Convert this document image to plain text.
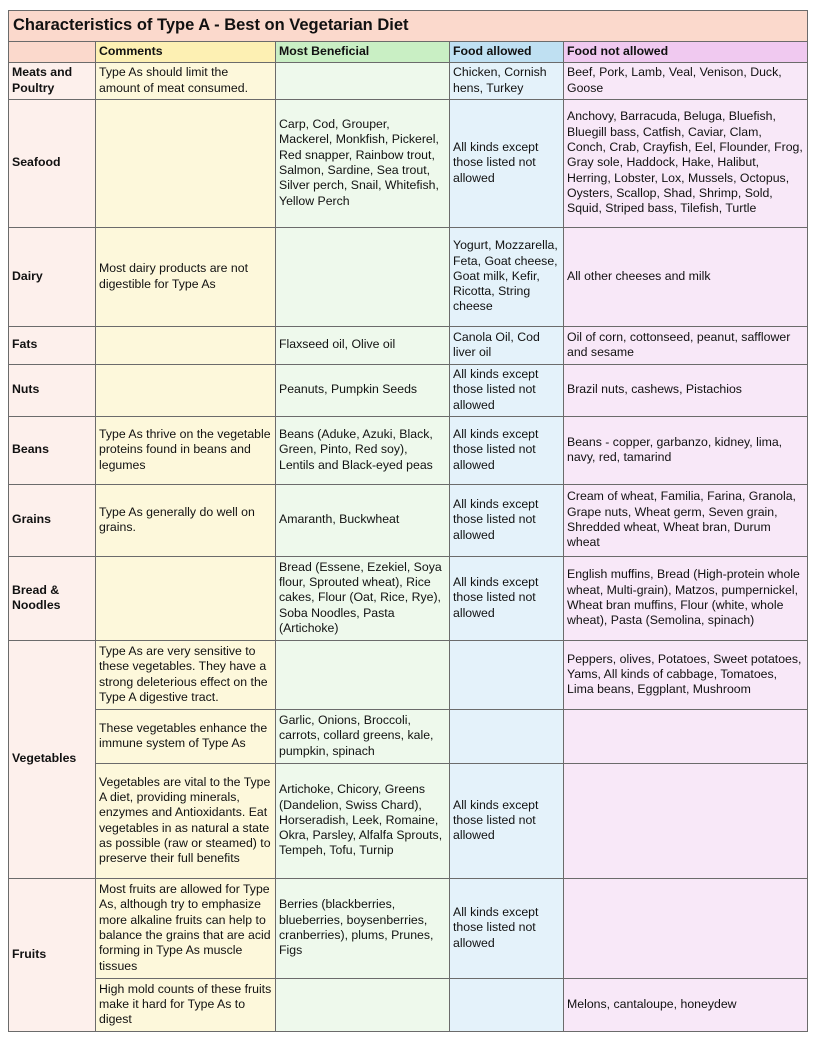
Characteristics of Type A - Best on Vegetarian Diet				
	Comments	Most Beneficial	Food allowed	Food not allowed
Meats and Poultry	Type As should limit the amount of meat consumed.		Chicken, Cornish hens, Turkey	Beef, Pork, Lamb, Veal, Venison, Duck, Goose
Seafood		Carp, Cod, Grouper, Mackerel, Monkfish, Pickerel, Red snapper, Rainbow trout, Salmon, Sardine, Sea trout, Silver perch, Snail, Whitefish, Yellow Perch	All kinds except those listed not allowed	Anchovy, Barracuda, Beluga, Bluefish, Bluegill bass, Catfish, Caviar, Clam, Conch, Crab, Crayfish, Eel, Flounder, Frog, Gray sole, Haddock, Hake, Halibut, Herring, Lobster, Lox, Mussels, Octopus, Oysters, Scallop, Shad, Shrimp, Sold, Squid, Striped bass, Tilefish, Turtle
Dairy	Most dairy products are not digestible for Type As		Yogurt, Mozzarella, Feta, Goat cheese, Goat milk, Kefir, Ricotta, String cheese	All other cheeses and milk
Fats		Flaxseed oil, Olive oil	Canola Oil, Cod liver oil	Oil of corn, cottonseed, peanut, safflower and sesame
Nuts		Peanuts, Pumpkin Seeds	All kinds except those listed not allowed	Brazil nuts, cashews, Pistachios
Beans	Type As thrive on the vegetable proteins found in beans and legumes	Beans (Aduke, Azuki, Black, Green, Pinto, Red soy), Lentils and Black-eyed peas	All kinds except those listed not allowed	Beans - copper, garbanzo, kidney, lima, navy, red, tamarind
Grains	Type As generally do well on grains.	Amaranth, Buckwheat	All kinds except those listed not allowed	Cream of wheat, Familia, Farina, Granola, Grape nuts, Wheat germ, Seven grain, Shredded wheat, Wheat bran, Durum wheat
Bread & Noodles		Bread (Essene, Ezekiel, Soya flour, Sprouted wheat), Rice cakes, Flour (Oat, Rice, Rye), Soba Noodles, Pasta (Artichoke)	All kinds except those listed not allowed	English muffins, Bread (High-protein whole wheat, Multi-grain), Matzos, pumpernickel, Wheat bran muffins, Flour (white, whole wheat), Pasta (Semolina, spinach)
Vegetables	Type As are very sensitive to these vegetables. They have a strong deleterious effect on the Type A digestive tract.			Peppers, olives, Potatoes, Sweet potatoes, Yams, All kinds of cabbage, Tomatoes, Lima beans, Eggplant, Mushroom
	These vegetables enhance the immune system of Type As	Garlic, Onions, Broccoli, carrots, collard greens, kale, pumpkin, spinach		
	Vegetables are vital to the Type A diet, providing minerals, enzymes and Antioxidants. Eat vegetables in as natural a state as possible (raw or steamed) to preserve their full benefits	Artichoke, Chicory, Greens (Dandelion, Swiss Chard), Horseradish, Leek, Romaine, Okra, Parsley, Alfalfa Sprouts, Tempeh, Tofu, Turnip	All kinds except those listed not allowed	
Fruits	Most fruits are allowed for Type As, although try to emphasize more alkaline fruits can help to balance the grains that are acid forming in Type As muscle tissues	Berries (blackberries, blueberries, boysenberries, cranberries), plums, Prunes, Figs	All kinds except those listed not allowed	
	High mold counts of these fruits make it hard for Type As to digest			Melons, cantaloupe, honeydew
